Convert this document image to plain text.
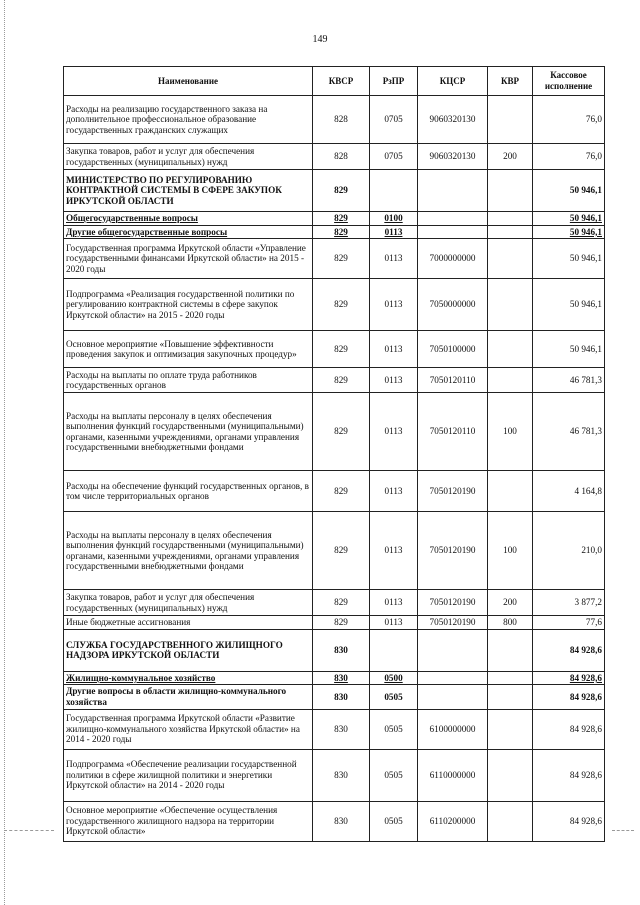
149
Наименование	КВСР	РзПР	КЦСР	КВР	Кассовое исполнение
Расходы на реализацию государственного заказа на дополнительное профессиональное образование государственных гражданских служащих	828	0705	9060320130		76,0
Закупка товаров, работ и услуг для обеспечения государственных (муниципальных) нужд	828	0705	9060320130	200	76,0
МИНИСТЕРСТВО ПО РЕГУЛИРОВАНИЮ КОНТРАКТНОЙ СИСТЕМЫ В СФЕРЕ ЗАКУПОК ИРКУТСКОЙ ОБЛАСТИ	829				50 946,1
Общегосударственные вопросы	829	0100			50 946,1
Другие общегосударственные вопросы	829	0113			50 946,1
Государственная программа Иркутской области «Управление государственными финансами Иркутской области» на 2015 - 2020 годы	829	0113	7000000000		50 946,1
Подпрограмма «Реализация государственной политики по регулированию контрактной системы в сфере закупок Иркутской области» на 2015 - 2020 годы	829	0113	7050000000		50 946,1
Основное мероприятие «Повышение эффективности проведения закупок и оптимизация закупочных процедур»	829	0113	7050100000		50 946,1
Расходы на выплаты по оплате труда работников государственных органов	829	0113	7050120110		46 781,3
Расходы на выплаты персоналу в целях обеспечения выполнения функций государственными (муниципальными) органами, казенными учреждениями, органами управления государственными внебюджетными фондами	829	0113	7050120110	100	46 781,3
Расходы на обеспечение функций государственных органов, в том числе территориальных органов	829	0113	7050120190		4 164,8
Расходы на выплаты персоналу в целях обеспечения выполнения функций государственными (муниципальными) органами, казенными учреждениями, органами управления государственными внебюджетными фондами	829	0113	7050120190	100	210,0
Закупка товаров, работ и услуг для обеспечения государственных (муниципальных) нужд	829	0113	7050120190	200	3 877,2
Иные бюджетные ассигнования	829	0113	7050120190	800	77,6
СЛУЖБА ГОСУДАРСТВЕННОГО ЖИЛИЩНОГО НАДЗОРА ИРКУТСКОЙ ОБЛАСТИ	830				84 928,6
Жилищно-коммунальное хозяйство	830	0500			84 928,6
Другие вопросы в области жилищно-коммунального хозяйства	830	0505			84 928,6
Государственная программа Иркутской области «Развитие жилищно-коммунального хозяйства Иркутской области» на 2014 - 2020 годы	830	0505	6100000000		84 928,6
Подпрограмма «Обеспечение реализации государственной политики в сфере жилищной политики и энергетики Иркутской области» на 2014 - 2020 годы	830	0505	6110000000		84 928,6
Основное мероприятие «Обеспечение осуществления государственного жилищного надзора на территории Иркутской области»	830	0505	6110200000		84 928,6
